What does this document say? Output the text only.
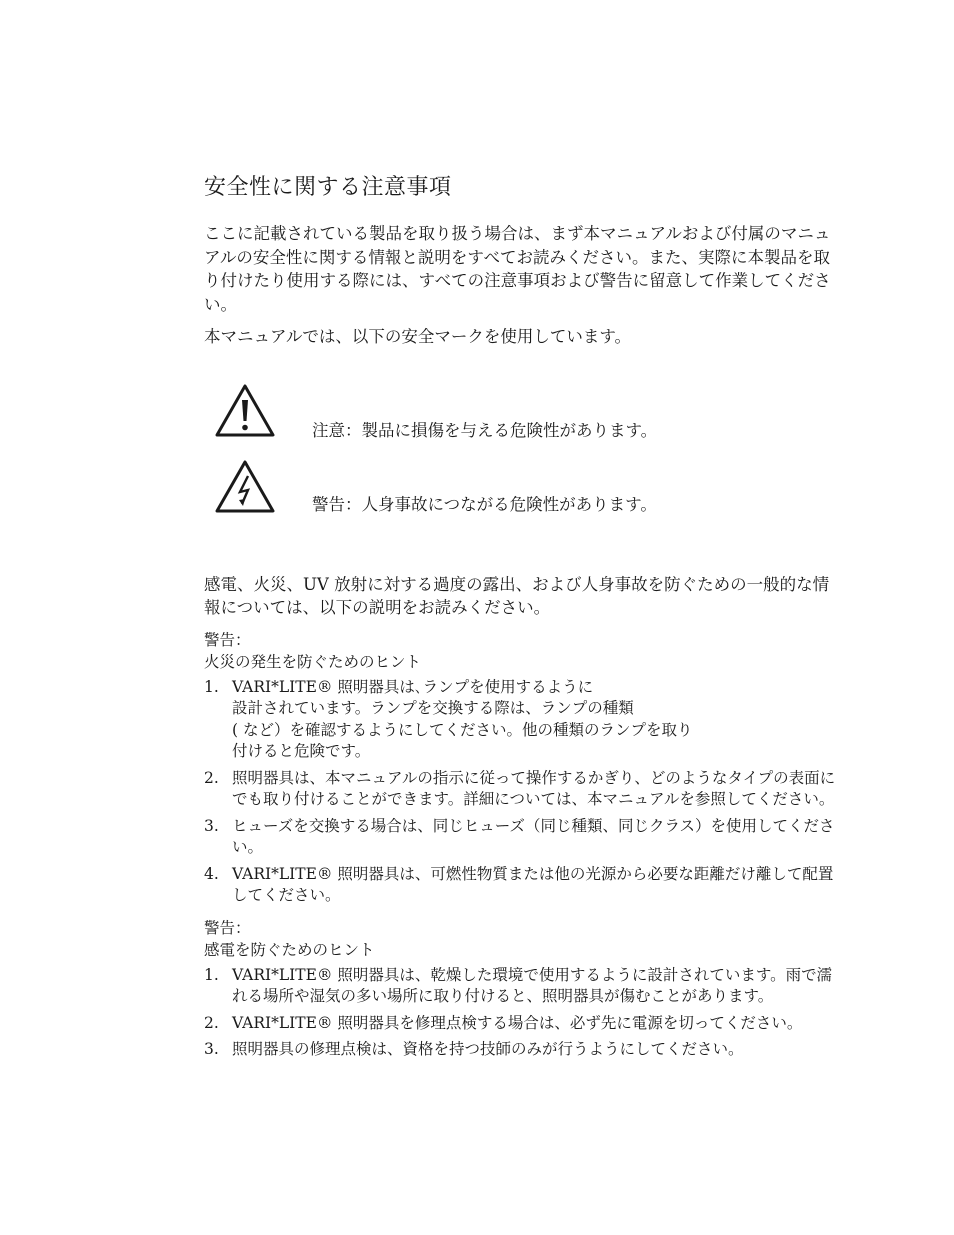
安全性に関する注意事項

ここに記載されている製品を取り扱う場合は、まず本マニュアルおよび付属のマニュアルの安全性に関する情報と説明をすべてお読みください。また、実際に本製品を取り付けたり使用する際には、すべての注意事項および警告に留意して作業してください。

本マニュアルでは、以下の安全マークを使用しています。

注意：製品に損傷を与える危険性があります。
警告：人身事故につながる危険性があります。

感電、火災、UV 放射に対する過度の露出、および人身事故を防ぐための一般的な情報については、以下の説明をお読みください。

警告：

火災の発生を防ぐためのヒント

1. VARI*LITE® 照明器具は､ランプを使用するように
設計されています。ランプを交換する際は、ランプの種類
( など）を確認するようにしてください。他の種類のランプを取り
付けると危険です。
2. 照明器具は、本マニュアルの指示に従って操作するかぎり、どのようなタイプの表面にでも取り付けることができます。詳細については、本マニュアルを参照してください。
3. ヒューズを交換する場合は、同じヒューズ（同じ種類、同じクラス）を使用してください。
4. VARI*LITE® 照明器具は、可燃性物質または他の光源から必要な距離だけ離して配置してください。

警告：

感電を防ぐためのヒント

1. VARI*LITE® 照明器具は、乾燥した環境で使用するように設計されています。雨で濡れる場所や湿気の多い場所に取り付けると、照明器具が傷むことがあります。
2. VARI*LITE® 照明器具を修理点検する場合は、必ず先に電源を切ってください。
3. 照明器具の修理点検は、資格を持つ技師のみが行うようにしてください。
